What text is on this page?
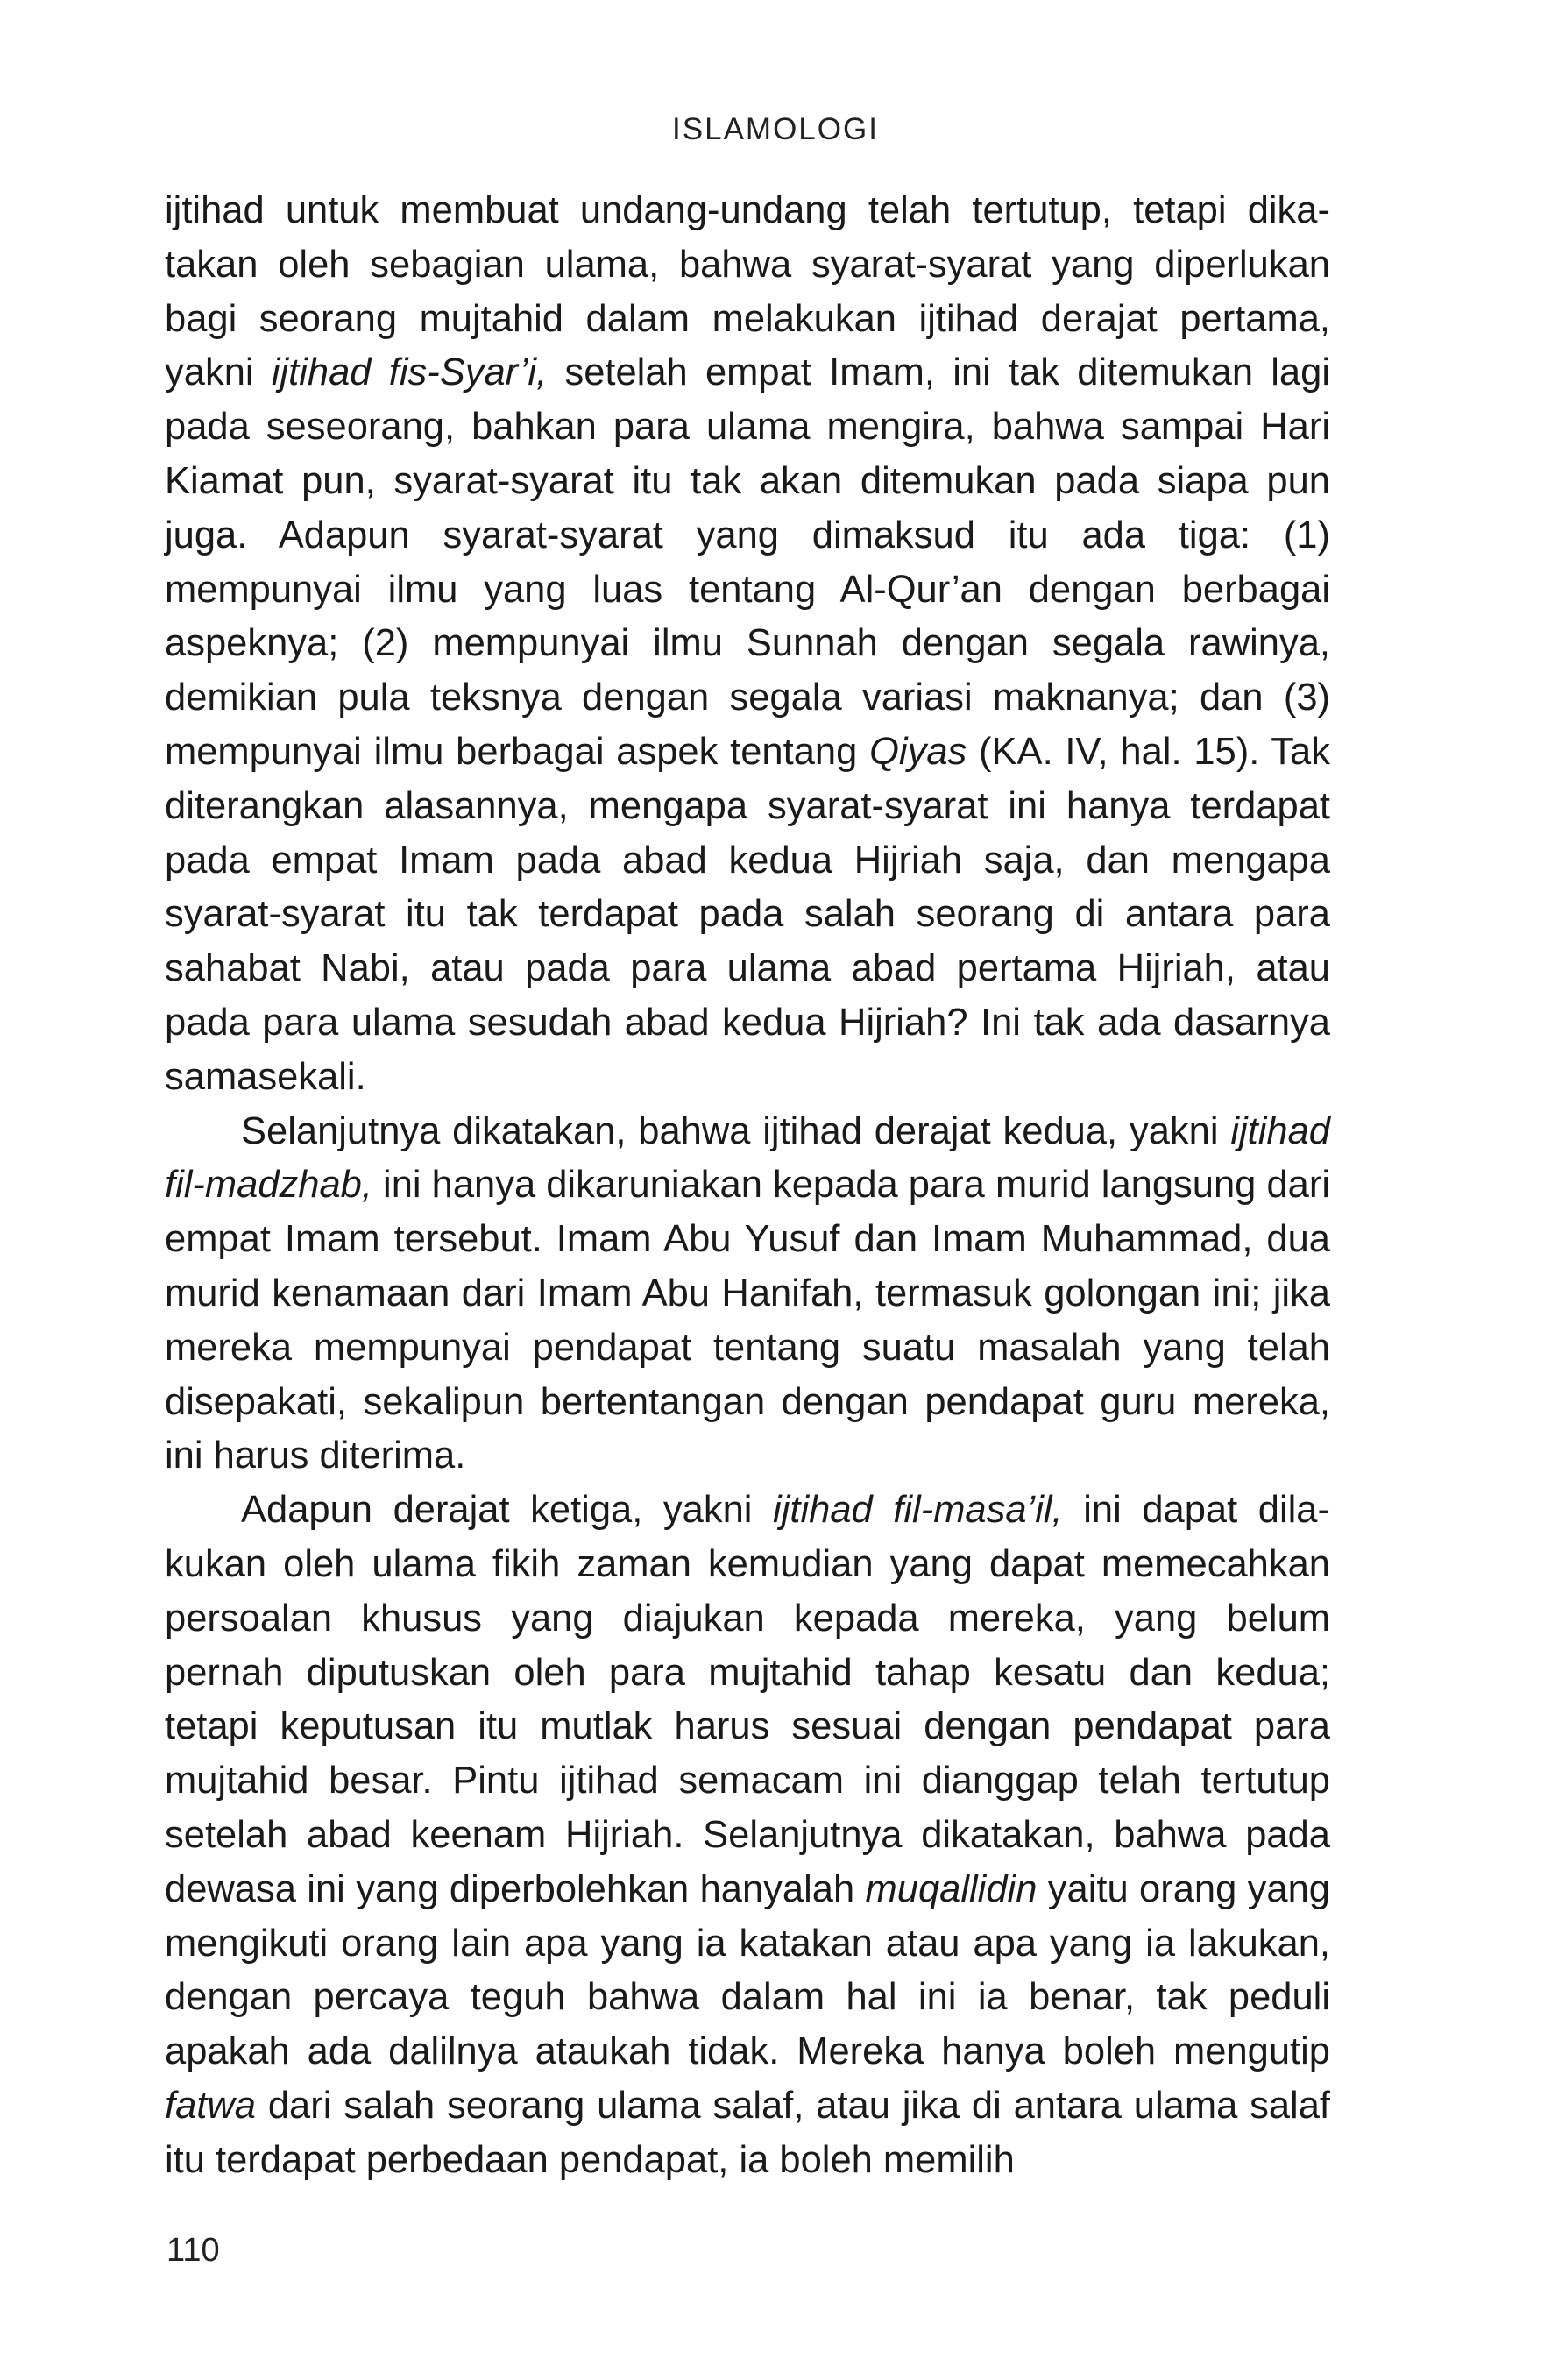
ISLAMOLOGI

ijtihad untuk membuat undang-undang telah tertutup, tetapi dikatakan oleh sebagian ulama, bahwa syarat-syarat yang diperlukan bagi seorang mujtahid dalam melakukan ijtihad derajat pertama, yakni ijtihad fis-Syar’i, setelah empat Imam, ini tak ditemukan lagi pada seseorang, bahkan para ulama mengira, bahwa sampai Hari Kiamat pun, syarat-syarat itu tak akan ditemukan pada siapa pun juga. Adapun syarat-syarat yang dimaksud itu ada tiga: (1) mempunyai ilmu yang luas tentang Al-Qur’an dengan berbagai aspeknya; (2) mempunyai ilmu Sunnah dengan segala rawinya, demikian pula teksnya dengan segala variasi maknanya; dan (3) mempunyai ilmu berbagai aspek tentang Qiyas (KA. IV, hal. 15). Tak diterangkan alasannya, mengapa syarat-syarat ini hanya terdapat pada empat Imam pada abad kedua Hijriah saja, dan mengapa syarat-syarat itu tak terdapat pada salah seorang di antara para sahabat Nabi, atau pada para ulama abad pertama Hijriah, atau pada para ulama sesudah abad kedua Hijriah? Ini tak ada dasarnya samasekali.

Selanjutnya dikatakan, bahwa ijtihad derajat kedua, yakni ijtihad fil-madzhab, ini hanya dikaruniakan kepada para murid langsung dari empat Imam tersebut. Imam Abu Yusuf dan Imam Muhammad, dua murid kenamaan dari Imam Abu Hanifah, termasuk golongan ini; jika mereka mempunyai pendapat tentang suatu masalah yang telah disepakati, sekalipun bertentangan dengan pendapat guru mereka, ini harus diterima.

Adapun derajat ketiga, yakni ijtihad fil-masa’il, ini dapat dilakukan oleh ulama fikih zaman kemudian yang dapat memecahkan persoalan khusus yang diajukan kepada mereka, yang belum pernah diputuskan oleh para mujtahid tahap kesatu dan kedua; tetapi keputusan itu mutlak harus sesuai dengan pendapat para mujtahid besar. Pintu ijtihad semacam ini dianggap telah tertutup setelah abad keenam Hijriah. Selanjutnya dikatakan, bahwa pada dewasa ini yang diperbolehkan hanyalah muqallidin yaitu orang yang mengikuti orang lain apa yang ia katakan atau apa yang ia lakukan, dengan percaya teguh bahwa dalam hal ini ia benar, tak peduli apakah ada dalilnya ataukah tidak. Mereka hanya boleh mengutip fatwa dari salah seorang ulama salaf, atau jika di antara ulama salaf itu terdapat perbedaan pendapat, ia boleh memilih

110
